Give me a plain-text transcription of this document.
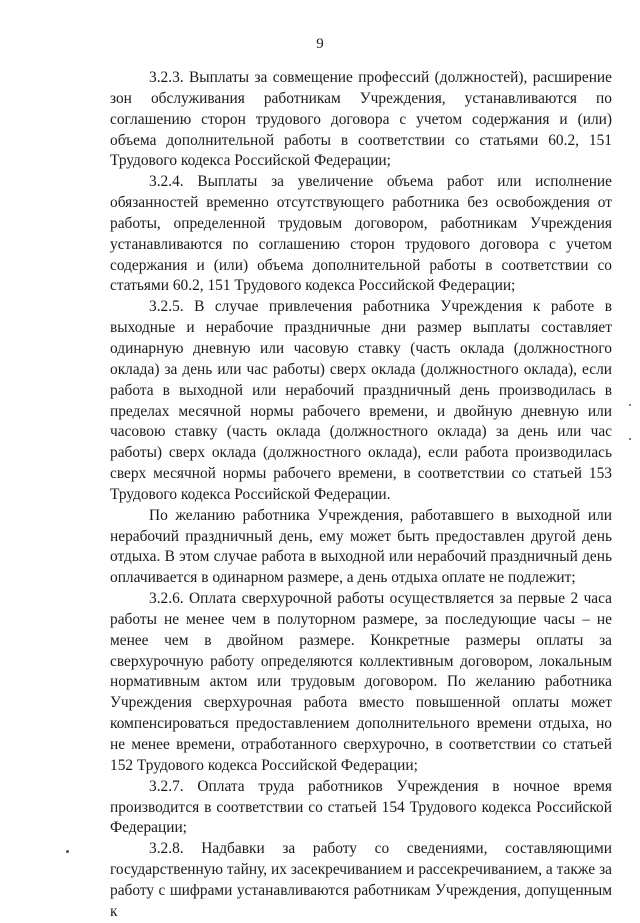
9

3.2.3. Выплаты за совмещение профессий (должностей), расширение зон обслуживания работникам Учреждения, устанавливаются по соглашению сторон трудового договора с учетом содержания и (или) объема дополнительной работы в соответствии со статьями 60.2, 151 Трудового кодекса Российской Федерации;

3.2.4. Выплаты за увеличение объема работ или исполнение обязанностей временно отсутствующего работника без освобождения от работы, определенной трудовым договором, работникам Учреждения устанавливаются по соглашению сторон трудового договора с учетом содержания и (или) объема дополнительной работы в соответствии со статьями 60.2, 151 Трудового кодекса Российской Федерации;

3.2.5. В случае привлечения работника Учреждения к работе в выходные и нерабочие праздничные дни размер выплаты составляет одинарную дневную или часовую ставку (часть оклада (должностного оклада) за день или час работы) сверх оклада (должностного оклада), если работа в выходной или нерабочий праздничный день производилась в пределах месячной нормы рабочего времени, и двойную дневную или часовою ставку (часть оклада (должностного оклада) за день или час работы) сверх оклада (должностного оклада), если работа производилась сверх месячной нормы рабочего времени, в соответствии со статьей 153 Трудового кодекса Российской Федерации.

По желанию работника Учреждения, работавшего в выходной или нерабочий праздничный день, ему может быть предоставлен другой день отдыха. В этом случае работа в выходной или нерабочий праздничный день оплачивается в одинарном размере, а день отдыха оплате не подлежит;

3.2.6. Оплата сверхурочной работы осуществляется за первые 2 часа работы не менее чем в полуторном размере, за последующие часы – не менее чем в двойном размере. Конкретные размеры оплаты за сверхурочную работу определяются коллективным договором, локальным нормативным актом или трудовым договором. По желанию работника Учреждения сверхурочная работа вместо повышенной оплаты может компенсироваться предоставлением дополнительного времени отдыха, но не менее времени, отработанного сверхурочно, в соответствии со статьей 152 Трудового кодекса Российской Федерации;

3.2.7. Оплата труда работников Учреждения в ночное время производится в соответствии со статьей 154 Трудового кодекса Российской Федерации;

3.2.8. Надбавки за работу со сведениями, составляющими государственную тайну, их засекречиванием и рассекречиванием, а также за работу с шифрами устанавливаются работникам Учреждения, допущенным к
